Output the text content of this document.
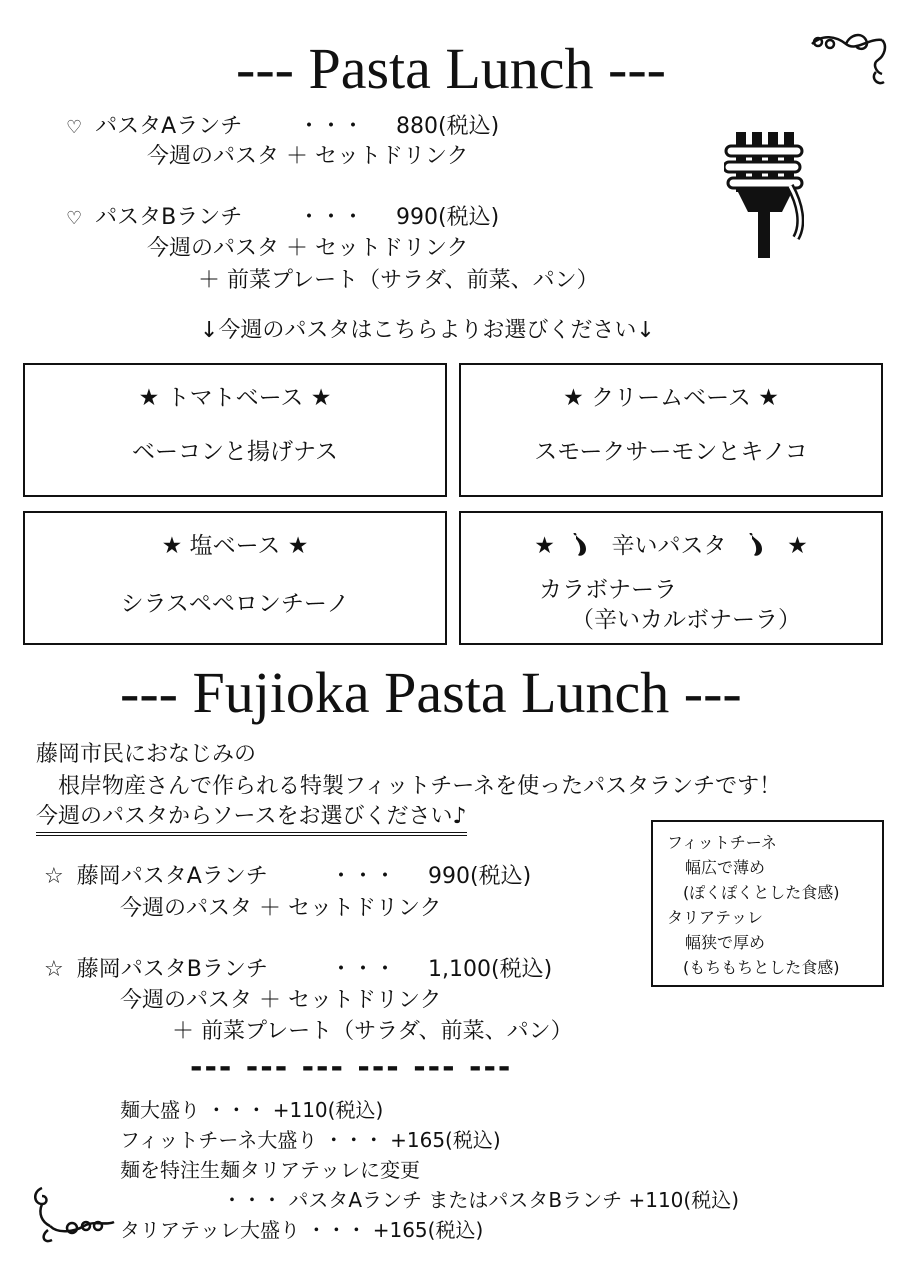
--- Pasta Lunch ---
♡ パスタAランチ	・・・ 880(税込)
今週のパスタ ＋ セットドリンク
♡ パスタBランチ	・・・ 990(税込)
今週のパスタ ＋ セットドリンク
＋ 前菜プレート（サラダ、前菜、パン）
↓今週のパスタはこちらよりお選びください↓
★ トマトベース ★
ベーコンと揚げナス
★ クリームベース ★
スモークサーモンとキノコ
★ 塩ベース ★
シラスペペロンチーノ
★ 辛いパスタ	★
カラボナーラ
（辛いカルボナーラ）
--- Fujioka Pasta Lunch ---
藤岡市民におなじみの
根岸物産さんで作られる特製フィットチーネを使ったパスタランチです！
今週のパスタからソースをお選びください♪
フィットチーネ
幅広で薄め
(ぽくぽくとした食感)
タリアテッレ
幅狭で厚め
(もちもちとした食感)
☆ 藤岡パスタAランチ	・・・ 990(税込)
今週のパスタ ＋ セットドリンク
☆ 藤岡パスタBランチ	・・・ 1,100(税込)
今週のパスタ ＋ セットドリンク
＋ 前菜プレート（サラダ、前菜、パン）
--- --- --- --- --- ---
麺大盛り ・・・ +110(税込)
フィットチーネ大盛り ・・・ +165(税込)
麺を特注生麺タリアテッレに変更
・・・ パスタAランチ またはパスタBランチ +110(税込)
タリアテッレ大盛り ・・・ +165(税込)
